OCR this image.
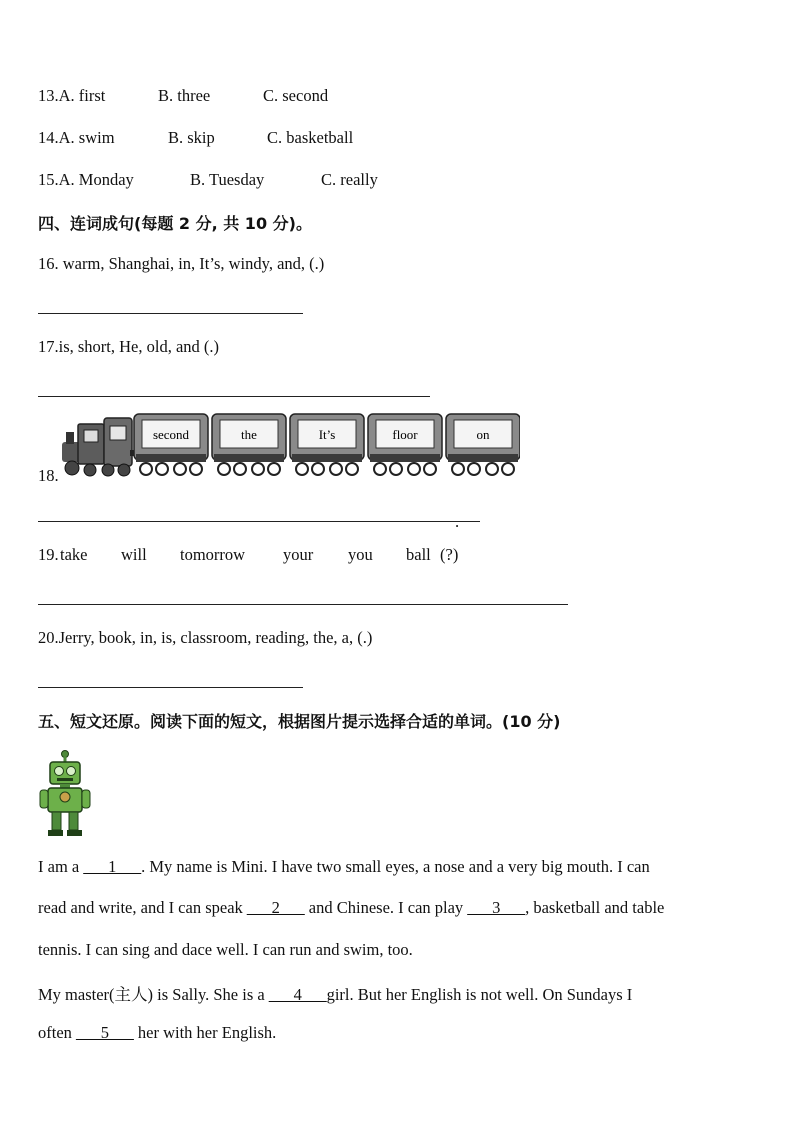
13.A. first	B. three	C. second
14.A. swim	B. skip	C. basketball
15.A. Monday	B. Tuesday	C. really
四、连词成句(每题 2 分, 共 10 分)。
16. warm, Shanghai, in, It’s, windy, and, (.)
17.is, short, He, old, and (.)
18.
second	the	It’s	floor	on
.
19. take will tomorrow your you ball (?)
20.Jerry, book, in, is, classroom, reading, the, a, (.)
五、短文还原。阅读下面的短文，根据图片提示选择合适的单词。(10 分)
I am a ___1___. My name is Mini. I have two small eyes, a nose and a very big mouth. I can
read and write, and I can speak ___2___ and Chinese. I can play ___3___, basketball and table
tennis. I can sing and dace well. I can run and swim, too.
My master(主人) is Sally. She is a ___4___girl. But her English is not well. On Sundays I
often ___5___ her with her English.
